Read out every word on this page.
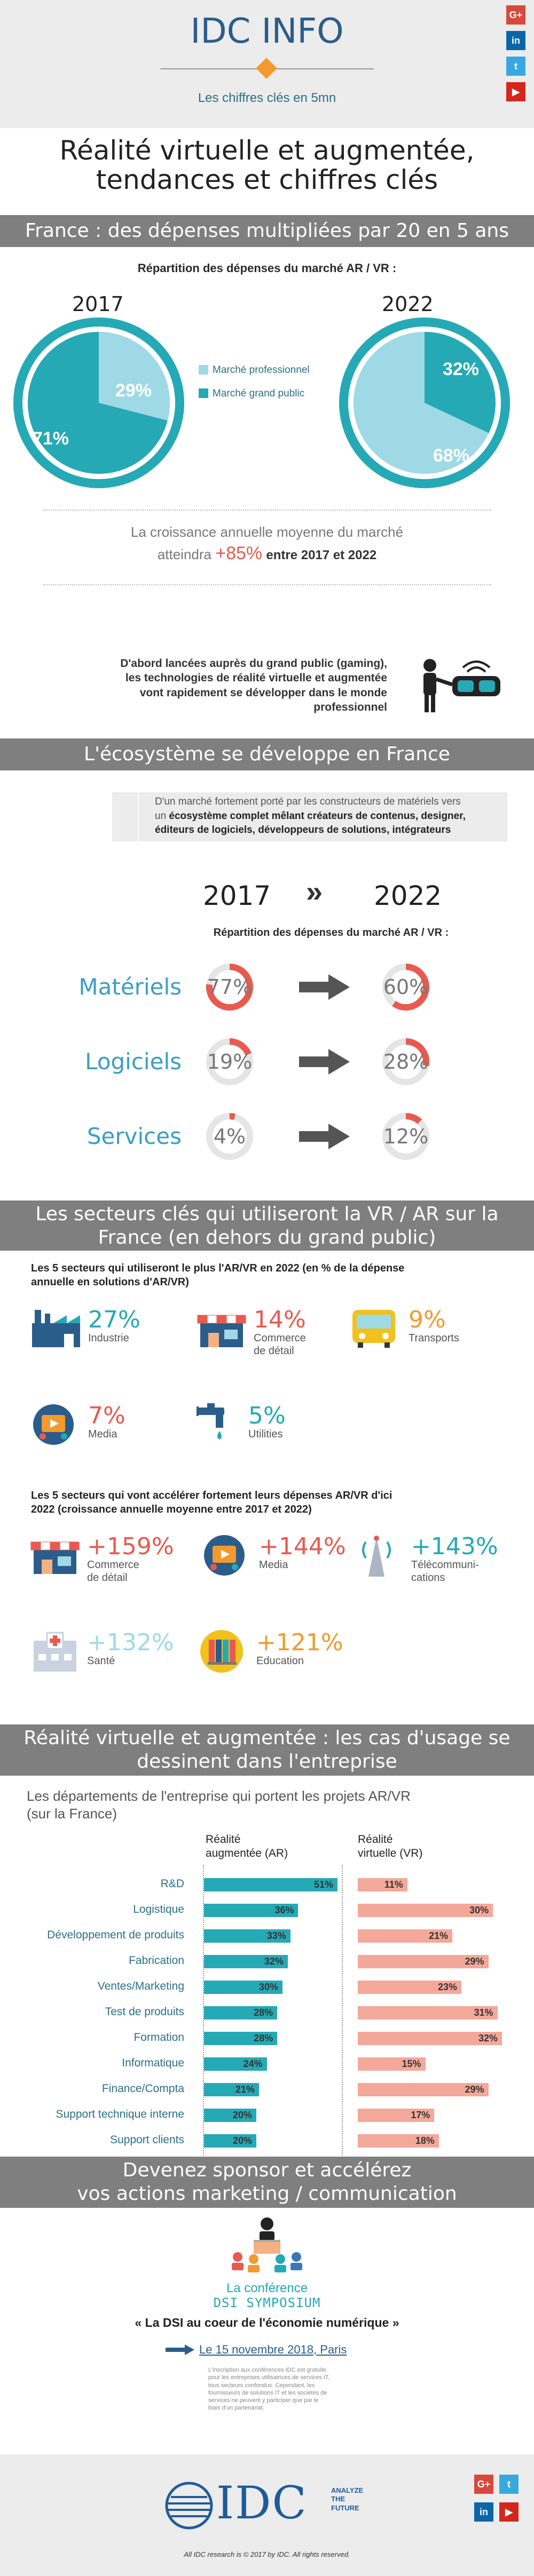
IDC INFO
Les chiffres clés en 5mn
G+
in
t
▶
Réalité virtuelle et augmentée,
tendances et chiffres clés
France : des dépenses multipliées par 20 en 5 ans
Répartition des dépenses du marché AR / VR :
2017	2022
29%
71%
32%
68%
Marché professionnel
Marché grand public
La croissance annuelle moyenne du marché
atteindra +85% entre 2017 et 2022
D'abord lancées auprès du grand public (gaming),
les technologies de réalité virtuelle et augmentée
vont rapidement se développer dans le monde
professionnel
L'écosystème se développe en France
D'un marché fortement porté par les constructeurs de matériels vers
un écosystème complet mêlant créateurs de contenus, designer,
éditeurs de logiciels, développeurs de solutions, intégrateurs
2017 » 2022
Répartition des dépenses du marché AR / VR :
Matériels 77%	60%
Logiciels 19%	28%
Services 4%	12%
Les secteurs clés qui utiliseront la VR / AR sur la
France (en dehors du grand public)
Les 5 secteurs qui utiliseront le plus l'AR/VR en 2022 (en % de la dépense
annuelle en solutions d'AR/VR)
27%
Industrie
14%
Commerce
de détail
9%
Transports
7%
Media
5%
Utilities
Les 5 secteurs qui vont accélérer fortement leurs dépenses AR/VR d'ici
2022 (croissance annuelle moyenne entre 2017 et 2022)
+159%
Commerce
de détail
+144%
Media
+143%
Télécommuni-
cations
+132%
Santé
+121%
Education
Réalité virtuelle et augmentée : les cas d'usage se
dessinent dans l'entreprise
Les départements de l'entreprise qui portent les projets AR/VR
(sur la France)
Réalité
augmentée (AR)
Réalité
virtuelle (VR)
R&D	51%	11%
Logistique	36%	30%
Développement de produits	33%	21%
Fabrication	32%	29%
Ventes/Marketing	30%	23%
Test de produits	28%	31%
Formation	28%	32%
Informatique	24%	15%
Finance/Compta	21%	29%
Support technique interne	20%	17%
Support clients	20%	18%
Devenez sponsor et accélérez
vos actions marketing / communication
La conférence
DSI SYMPOSIUM
« La DSI au coeur de l'économie numérique »
Le 15 novembre 2018, Paris
L'inscription aux conférences IDC est gratuite
pour les entreprises utilisatrices de services IT,
tous secteurs confondus. Cependant, les
fournisseurs de solutions IT et les sociétés de
services ne peuvent y participer que par le
biais d'un partenariat.
IDC	ANALYZE
THE
FUTURE
G+	t
in	▶
All IDC research is © 2017 by IDC. All rights reserved.
